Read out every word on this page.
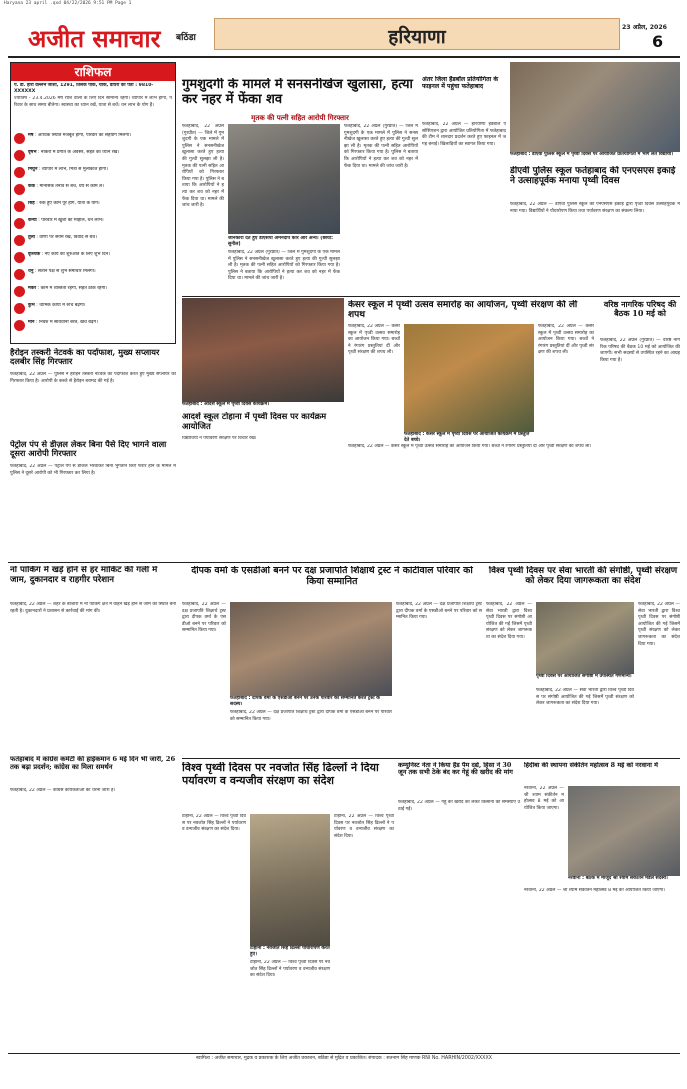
Haryana 23 april .qxd 04/22/2026 9:51 PM Page 1
अजीत समाचार बठिंडा	हरियाणा	23 अप्रैल, 2026
6
राशिफल
पं. डॉ. हीरा वल्लभ जोशी, 1291, तिलक पार्क, चौक, डायरी का पता : 9810-XXXXXX
ज्योतिष - 23.4.2026 मेष राशि वालों के लिए दिन सामान्य रहेगा। व्यापार में लाभ होगा, परिवार के साथ समय बीतेगा। स्वास्थ्य का ध्यान रखें, यात्रा से बचें। धन लाभ के योग हैं।
मेष : आर्थिक स्थिति मजबूत होगी, परिवार का सहयोग मिलेगा।
वृषभ : नौकरी में प्रगति के अवसर, सेहत का ध्यान रखें।
मिथुन : व्यापार में लाभ, मित्रों से मुलाकात होगी।
कर्क : मानसिक तनाव से बचें, धैर्य से काम लें।
सिंह : रुके हुए काम पूरे होंगे, यात्रा के योग।
कन्या : परिवार में खुशी का माहौल, धन लाभ।
तुला : वाणी पर संयम रखें, विवाद से बचें।
वृश्चिक : नए कार्य की शुरुआत के लिए शुभ दिन।
धनु : संतान पक्ष से शुभ समाचार मिलेगा।
मकर : काम में व्यस्तता रहेगी, सेहत ठीक रहेगी।
कुंभ : धार्मिक कार्यों में रुचि बढ़ेगी।
मीन : निवेश में सावधानी बरतें, खर्च बढ़ेंगे।
गुमशुदगी के मामले में सनसनीखेज खुलासा, हत्या कर नहर में फेंका शव
मृतक की पत्नी सहित आरोपी गिरफ्तार
फतेहाबाद, 22 अप्रैल (गुरप्रीत) — जिले में गुमशुदगी के एक मामले में पुलिस ने सनसनीखेज खुलासा करते हुए हत्या की गुत्थी सुलझा ली है। मृतक की पत्नी सहित आरोपियों को गिरफ्तार किया गया है। पुलिस ने बताया कि आरोपियों ने हत्या कर शव को नहर में फेंक दिया था। मामले की जांच जारी है।
जानकारी देते हुए डीएसपी अमनदीप कौर और अन्य। (छाया: सुनील)
फतेहाबाद, 22 अप्रैल (गुरप्रीत) — जिले में गुमशुदगी के एक मामले में पुलिस ने सनसनीखेज खुलासा करते हुए हत्या की गुत्थी सुलझा ली है। मृतक की पत्नी सहित आरोपियों को गिरफ्तार किया गया है। पुलिस ने बताया कि आरोपियों ने हत्या कर शव को नहर में फेंक दिया था। मामले की जांच जारी है।
फतेहाबाद, 22 अप्रैल (गुरप्रीत) — जिले में गुमशुदगी के एक मामले में पुलिस ने सनसनीखेज खुलासा करते हुए हत्या की गुत्थी सुलझा ली है। मृतक की पत्नी सहित आरोपियों को गिरफ्तार किया गया है। पुलिस ने बताया कि आरोपियों ने हत्या कर शव को नहर में फेंक दिया था। मामले की जांच जारी है।
अंतर जिला हैंडबॉल प्रतियोगिता के फाइनल में पहुंचा फतेहाबाद
फतेहाबाद, 22 अप्रैल — हरियाणा हैंडबॉल एसोसिएशन द्वारा आयोजित प्रतियोगिता में फतेहाबाद की टीम ने शानदार प्रदर्शन करते हुए फाइनल में जगह बनाई। खिलाड़ियों का स्वागत किया गया।
फतेहाबाद : डीएवी पुलिस स्कूल में पृथ्वी दिवस पर आयोजित प्रतियोगिता में भाग लेते विद्यार्थी।
डीएवी पुलिस स्कूल फतेहाबाद की एनएसएस इकाई ने उत्साहपूर्वक मनाया पृथ्वी दिवस
फतेहाबाद, 22 अप्रैल — डीएवी पुलिस स्कूल की एनएसएस इकाई द्वारा पृथ्वी दिवस उत्साहपूर्वक मनाया गया। विद्यार्थियों ने पौधारोपण किया तथा पर्यावरण संरक्षण का संकल्प लिया।
फतेहाबाद : आदर्श स्कूल में पृथ्वी दिवस कार्यक्रम।
आदर्श स्कूल टोहाना में पृथ्वी दिवस पर कार्यक्रम आयोजित
विद्यार्थियों ने पर्यावरण संरक्षण पर विचार रखे।
केसर स्कूल में पृथ्वी उत्सव समारोह का आयोजन, पृथ्वी संरक्षण की ली शपथ
फतेहाबाद, 22 अप्रैल — केसर स्कूल में पृथ्वी उत्सव समारोह का आयोजन किया गया। बच्चों ने रंगारंग प्रस्तुतियां दीं और पृथ्वी संरक्षण की शपथ ली।
फतेहाबाद : केसर स्कूल में पृथ्वी दिवस पर आयोजित कार्यक्रम में प्रस्तुति देते बच्चे।
फतेहाबाद, 22 अप्रैल — केसर स्कूल में पृथ्वी उत्सव समारोह का आयोजन किया गया। बच्चों ने रंगारंग प्रस्तुतियां दीं और पृथ्वी संरक्षण की शपथ ली।
फतेहाबाद, 22 अप्रैल — केसर स्कूल में पृथ्वी उत्सव समारोह का आयोजन किया गया। बच्चों ने रंगारंग प्रस्तुतियां दीं और पृथ्वी संरक्षण की शपथ ली।
वरिष्ठ नागरिक परिषद की बैठक 10 मई को
फतेहाबाद, 22 अप्रैल (गुरप्रीत) — वरिष्ठ नागरिक परिषद की बैठक 10 मई को आयोजित की जाएगी। सभी सदस्यों से उपस्थित रहने का आग्रह किया गया है।
हैरोइन तस्करी नेटवर्क का पर्दाफाश, मुख्य सप्लायर दलबीर सिंह गिरफ्तार
फतेहाबाद, 22 अप्रैल — पुलिस ने हैरोइन तस्करी नेटवर्क का पर्दाफाश करते हुए मुख्य सप्लायर को गिरफ्तार किया है। आरोपी के कब्जे से हैरोइन बरामद की गई है।
पेट्रोल पंप से डीज़ल लेकर बिना पैसे दिए भागने वाला दूसरा आरोपी गिरफ्तार
फतेहाबाद, 22 अप्रैल — पेट्रोल पंप से डीजल भरवाकर बिना भुगतान किए फरार होने के मामले में पुलिस ने दूसरे आरोपी को भी गिरफ्तार कर लिया है।
दीपक वर्मा के एसडीओ बनने पर दक्ष प्रजापति शिक्षार्थ ट्रस्ट ने कांटीवाल परिवार को किया सम्मानित
फतेहाबाद, 22 अप्रैल — दक्ष प्रजापति शिक्षार्थ ट्रस्ट द्वारा दीपक वर्मा के एसडीओ बनने पर परिवार को सम्मानित किया गया।
फतेहाबाद : दीपक वर्मा के एसडीओ बनने पर उनके परिवार को सम्मानित करते ट्रस्ट के सदस्य।
फतेहाबाद, 22 अप्रैल — दक्ष प्रजापति शिक्षार्थ ट्रस्ट द्वारा दीपक वर्मा के एसडीओ बनने पर परिवार को सम्मानित किया गया।
फतेहाबाद, 22 अप्रैल — दक्ष प्रजापति शिक्षार्थ ट्रस्ट द्वारा दीपक वर्मा के एसडीओ बनने पर परिवार को सम्मानित किया गया।
विश्व पृथ्वी दिवस पर सेवा भारती की संगोष्ठी, पृथ्वी संरक्षण को लेकर दिया जागरूकता का संदेश
फतेहाबाद, 22 अप्रैल — सेवा भारती द्वारा विश्व पृथ्वी दिवस पर संगोष्ठी आयोजित की गई जिसमें पृथ्वी संरक्षण को लेकर जागरूकता का संदेश दिया गया।
पृथ्वी दिवस पर आयोजित संगोष्ठी में उपस्थित गणमान्य।
फतेहाबाद, 22 अप्रैल — सेवा भारती द्वारा विश्व पृथ्वी दिवस पर संगोष्ठी आयोजित की गई जिसमें पृथ्वी संरक्षण को लेकर जागरूकता का संदेश दिया गया।
फतेहाबाद, 22 अप्रैल — सेवा भारती द्वारा विश्व पृथ्वी दिवस पर संगोष्ठी आयोजित की गई जिसमें पृथ्वी संरक्षण को लेकर जागरूकता का संदेश दिया गया।
नो पार्किंग में खड़े होने से हर मार्किट की गली में जाम, दुकानदार व राहगीर परेशान
फतेहाबाद, 22 अप्रैल — शहर के बाजारों में नो पार्किंग क्षेत्र में वाहन खड़े होने से जाम की स्थिति बनी रहती है। दुकानदारों ने प्रशासन से कार्रवाई की मांग की।
फतेहाबाद में कांग्रेस कमेटी की हाईकमान 6 मई दिन भी जारी, 26 तक बढ़ा प्रदर्शन; कांग्रेस का मिला समर्थन
फतेहाबाद, 22 अप्रैल — कांग्रेस कार्यकर्ताओं का धरना जारी है।
विश्व पृथ्वी दिवस पर नवजोत सिंह ढिल्लों ने दिया पर्यावरण व वन्यजीव संरक्षण का संदेश
टोहाना, 22 अप्रैल — विश्व पृथ्वी दिवस पर नवजोत सिंह ढिल्लों ने पर्यावरण व वन्यजीव संरक्षण का संदेश दिया।
टोहाना : नवजोत सिंह ढिल्लों पौधारोपण करते हुए।
टोहाना, 22 अप्रैल — विश्व पृथ्वी दिवस पर नवजोत सिंह ढिल्लों ने पर्यावरण व वन्यजीव संरक्षण का संदेश दिया।
टोहाना, 22 अप्रैल — विश्व पृथ्वी दिवस पर नवजोत सिंह ढिल्लों ने पर्यावरण व वन्यजीव संरक्षण का संदेश दिया।
कम्युनिस्ट नेता ने किया हैंड पैम दर्द्य, हिंसा ने 30 जून तक सभी ठेके बंद कर गेहूं की खरीद की मांग
फतेहाबाद, 22 अप्रैल — गेहूं की खरीद को लेकर किसानों की समस्याएं उठाई गईं।
हिंदीबा की स्थापना संकीर्तन महोत्सव 8 मई को नरवाना में
नरवाना, 22 अप्रैल — श्री श्याम संकीर्तन महोत्सव 8 मई को आयोजित किया जाएगा।
नरवाना : बैठक में मौजूद श्री श्याम संकीर्तन मंडल सदस्य।
नरवाना, 22 अप्रैल — श्री श्याम संकीर्तन महोत्सव 8 मई को आयोजित किया जाएगा।
स्वामित्व : अजीत समाचार, मुद्रक व प्रकाशक के लिए अजीत प्रकाशन, बठिंडा से मुद्रित व प्रकाशित। संपादक : सतनाम सिंह माणक RNI No. HARHIN/2002/XXXXX
